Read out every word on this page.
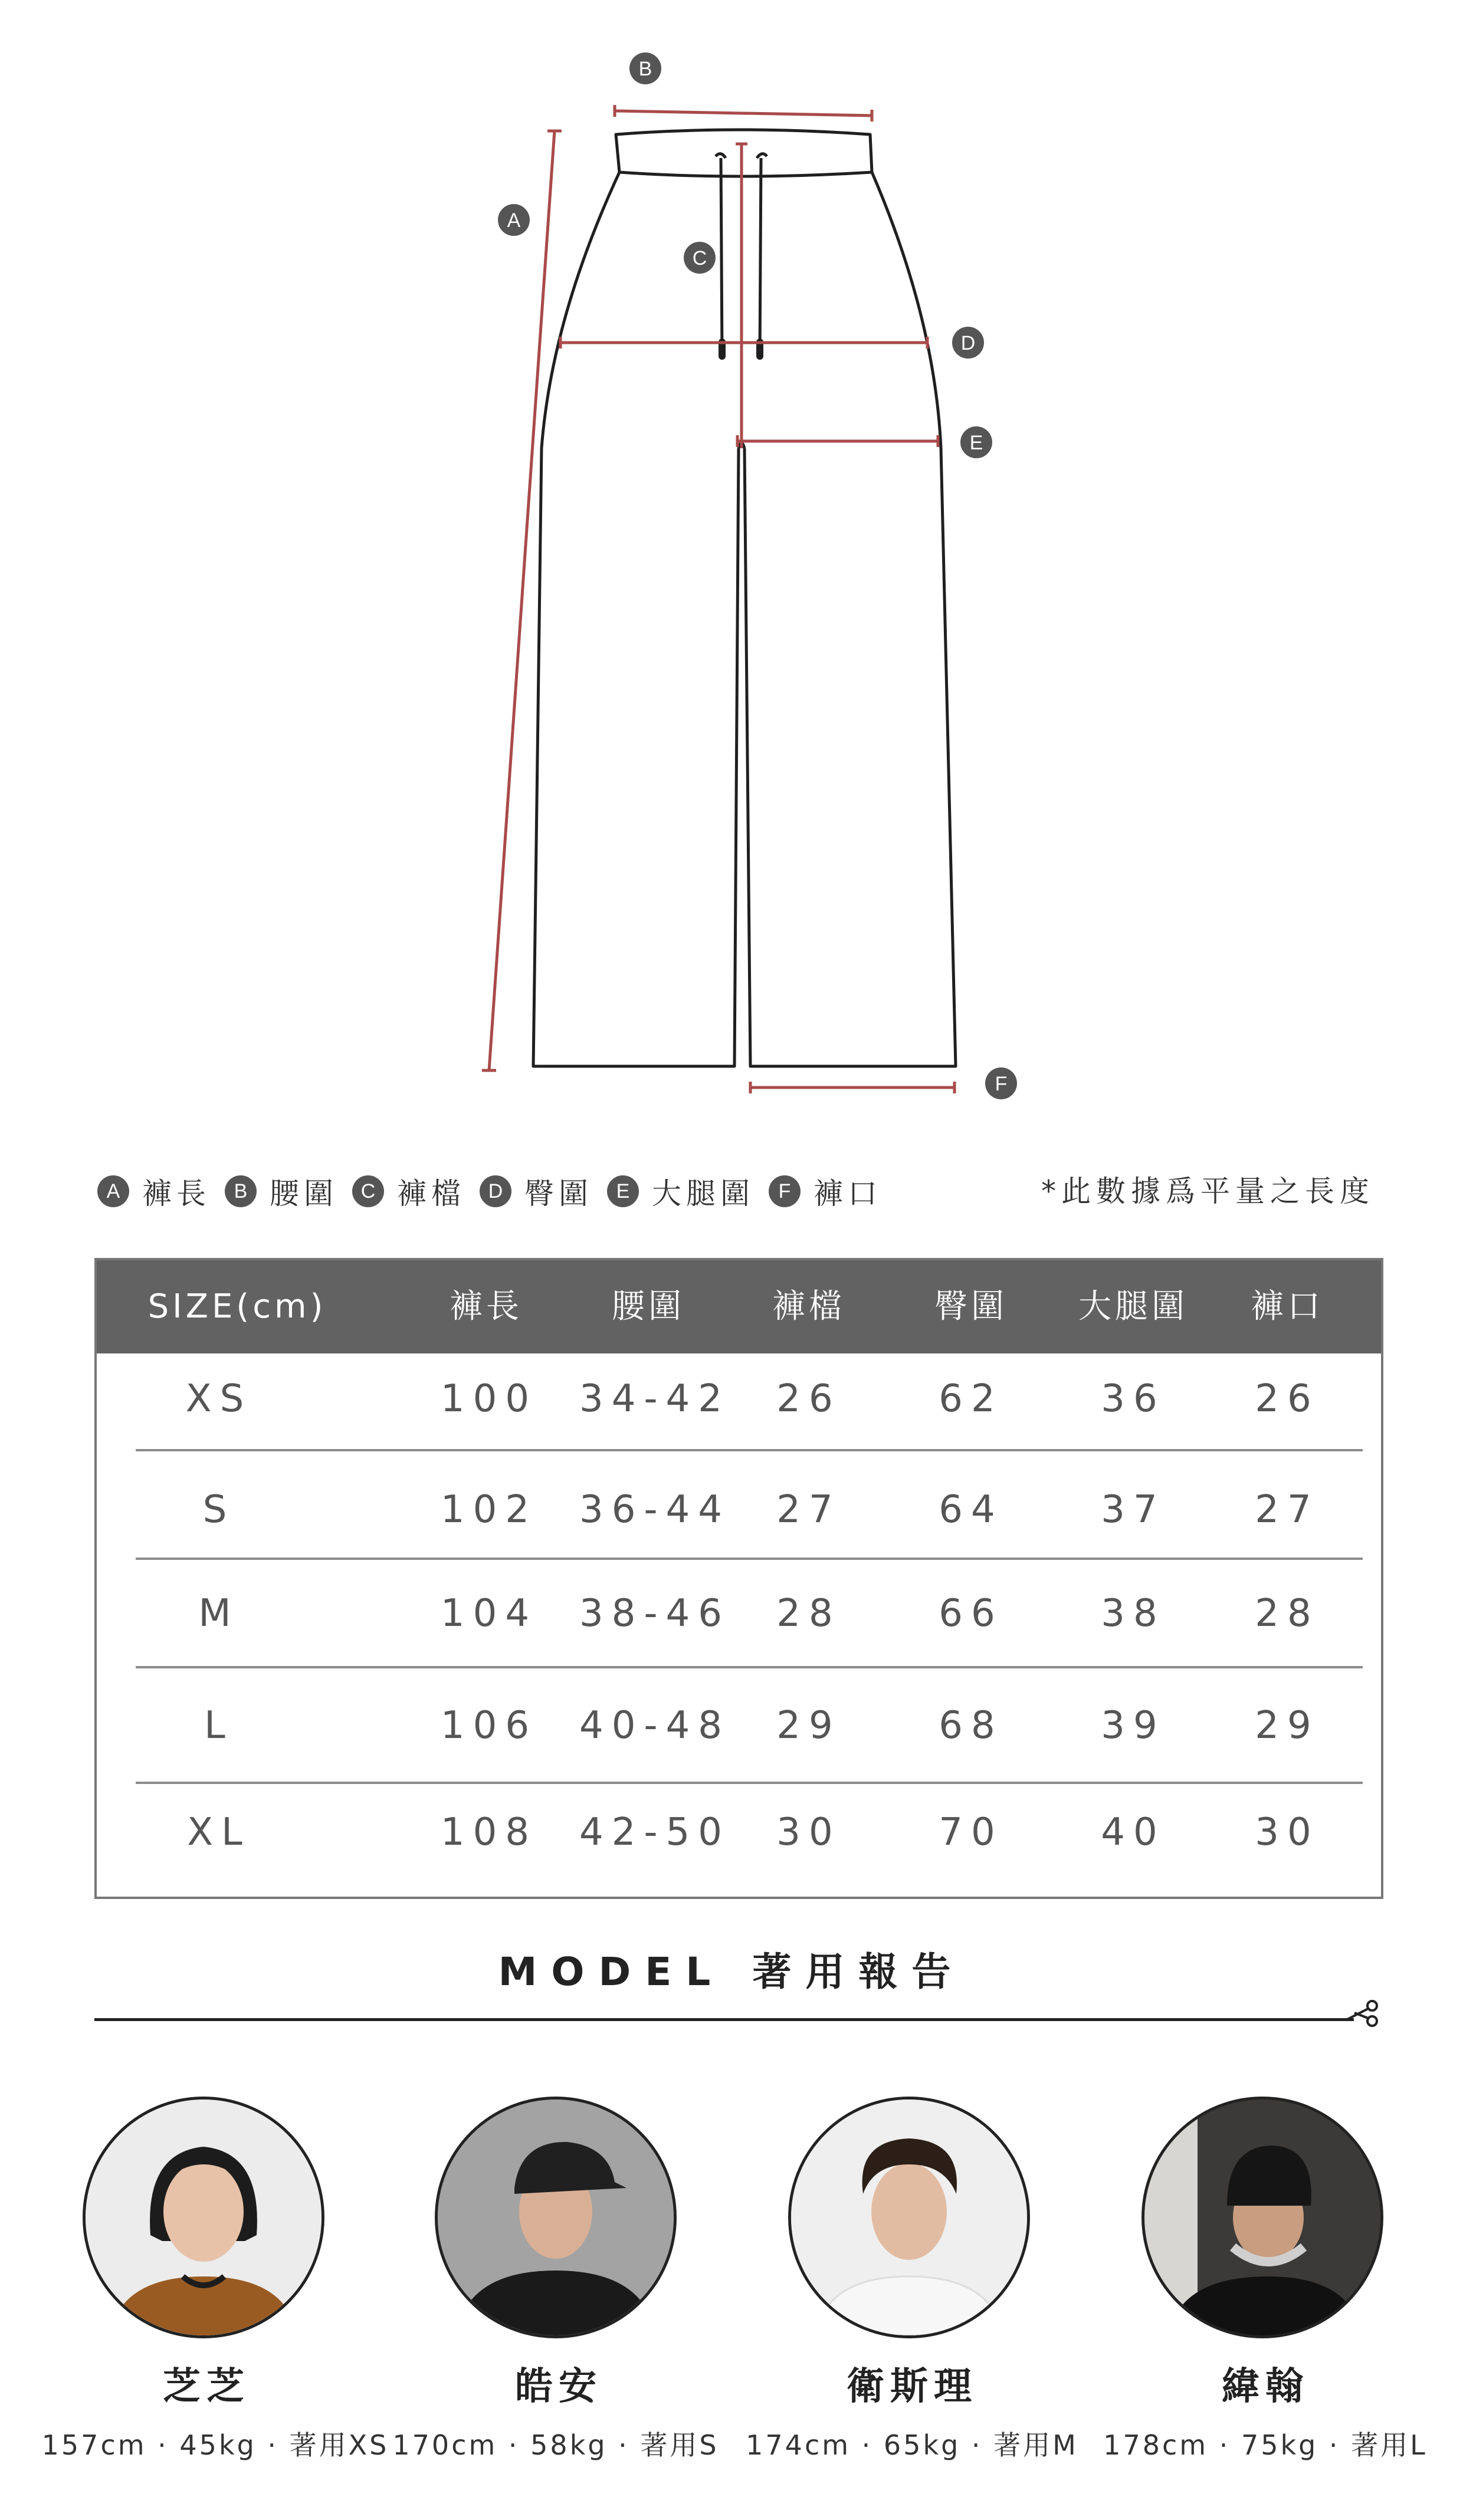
B
A
C
D
E
F
A 褲長	B 腰圍	C 褲檔	D 臀圍	E 大腿圍	F 褲口	*此數據爲平量之長度
SIZE(cm)	褲長	腰圍	褲檔	臀圍 大腿圍 褲口
XS	100 34-42 26	62	36 26
S	102 36-44 27	64	37 27
M	104 38-46 28	66	38 28
L	106 40-48 29	68	39 29
XL	108 42-50 30	70	40 30
MODEL 著用報告
芝芝
157cm · 45kg · 著用XS
皓安
170cm · 58kg · 著用S
衛斯理
174cm · 65kg · 著用M
緯翰
178cm · 75kg · 著用L
